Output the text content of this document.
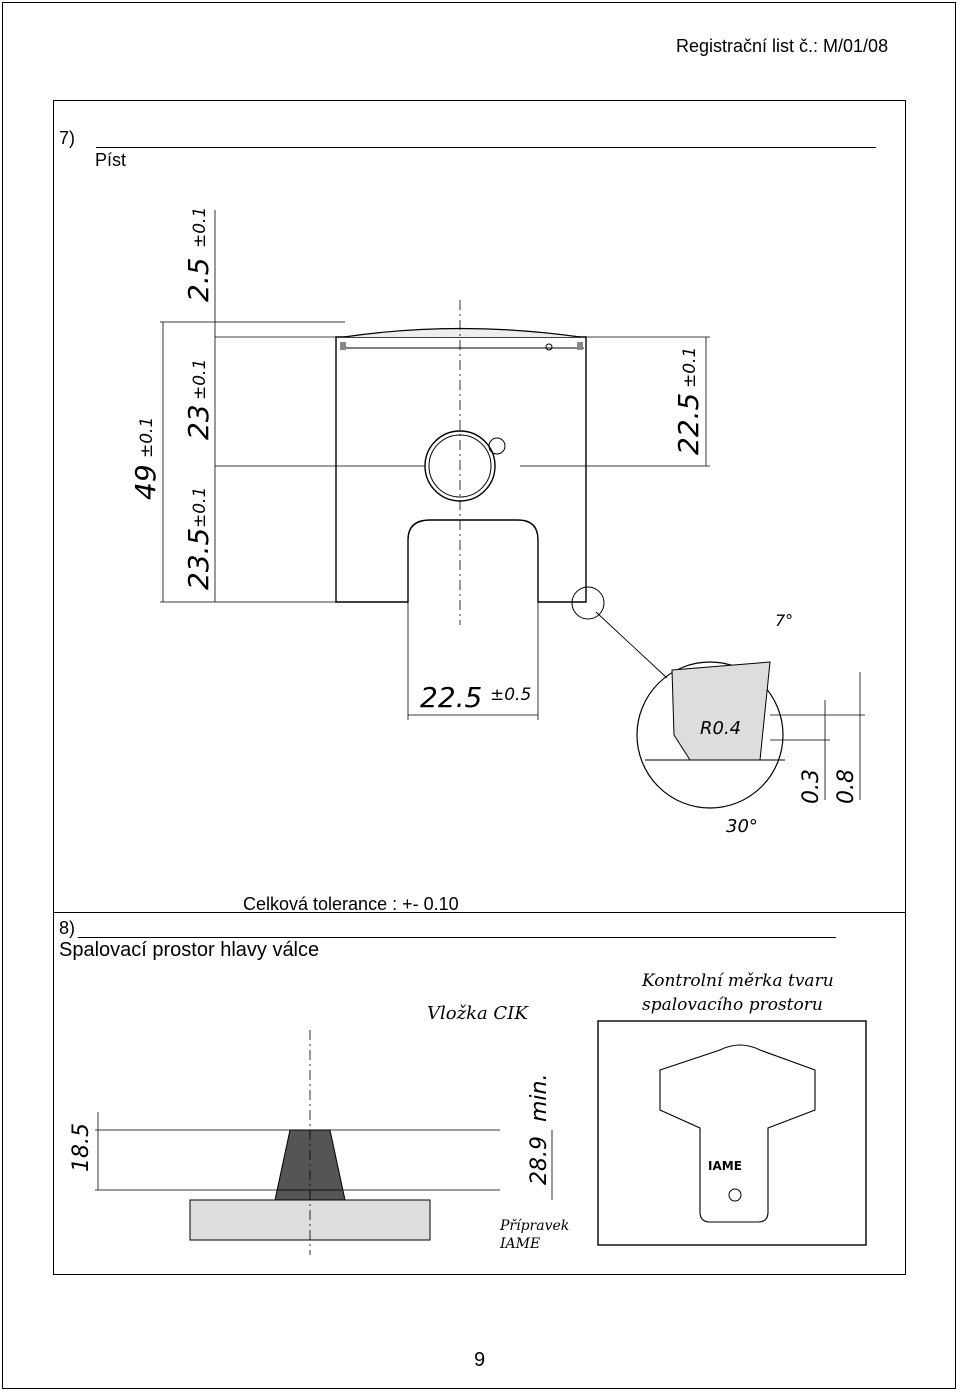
Registrační list č.: M/01/08
7)
Píst
49
±0.1
2.5
±0.1
23
±0.1
23.5
±0.1
22.5
±0.1
22.5 ±0.5
R0.4
7°
30°
0.3 0.8
Celková tolerance : +- 0.10
8)
Spalovací prostor hlavy válce
Vložka CIK
Přípravek
IAME
18.5	28.9
min.
Kontrolní měrka tvaru
spalovacího prostoru
IAME
9
